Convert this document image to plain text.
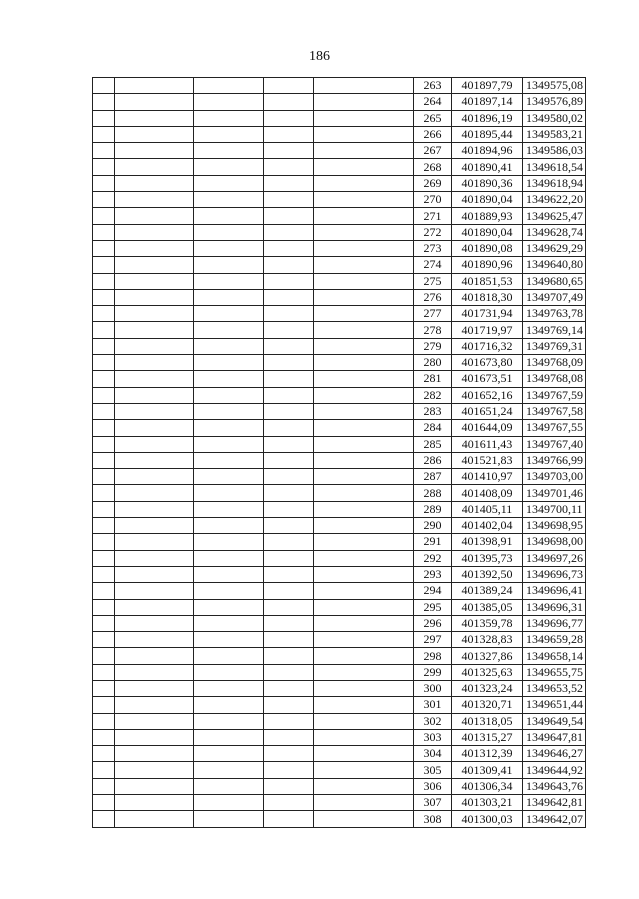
186
					263	401897,79	1349575,08
					264	401897,14	1349576,89
					265	401896,19	1349580,02
					266	401895,44	1349583,21
					267	401894,96	1349586,03
					268	401890,41	1349618,54
					269	401890,36	1349618,94
					270	401890,04	1349622,20
					271	401889,93	1349625,47
					272	401890,04	1349628,74
					273	401890,08	1349629,29
					274	401890,96	1349640,80
					275	401851,53	1349680,65
					276	401818,30	1349707,49
					277	401731,94	1349763,78
					278	401719,97	1349769,14
					279	401716,32	1349769,31
					280	401673,80	1349768,09
					281	401673,51	1349768,08
					282	401652,16	1349767,59
					283	401651,24	1349767,58
					284	401644,09	1349767,55
					285	401611,43	1349767,40
					286	401521,83	1349766,99
					287	401410,97	1349703,00
					288	401408,09	1349701,46
					289	401405,11	1349700,11
					290	401402,04	1349698,95
					291	401398,91	1349698,00
					292	401395,73	1349697,26
					293	401392,50	1349696,73
					294	401389,24	1349696,41
					295	401385,05	1349696,31
					296	401359,78	1349696,77
					297	401328,83	1349659,28
					298	401327,86	1349658,14
					299	401325,63	1349655,75
					300	401323,24	1349653,52
					301	401320,71	1349651,44
					302	401318,05	1349649,54
					303	401315,27	1349647,81
					304	401312,39	1349646,27
					305	401309,41	1349644,92
					306	401306,34	1349643,76
					307	401303,21	1349642,81
					308	401300,03	1349642,07
